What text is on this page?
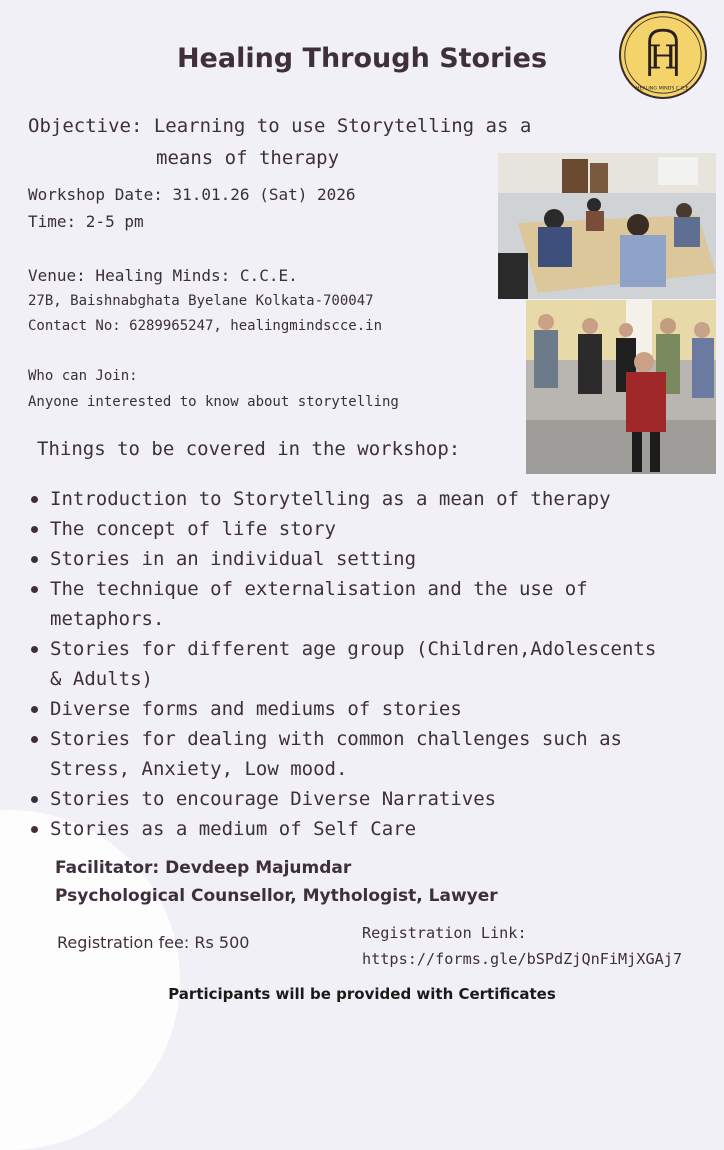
H
HEALING MINDS C.C.E.
Healing Through Stories
Objective: Learning to use Storytelling as a
means of therapy
Workshop Date: 31.01.26 (Sat) 2026
Time: 2-5 pm
Venue: Healing Minds: C.C.E.
27B, Baishnabghata Byelane Kolkata-700047
Contact No: 6289965247, healingmindscce.in
Who can Join:
Anyone interested to know about storytelling
Things to be covered in the workshop:
Introduction to Storytelling as a mean of therapy
The concept of life story
Stories in an individual setting
The technique of externalisation and the use of metaphors.
Stories for different age group (Children,Adolescents & Adults)
Diverse forms and mediums of stories
Stories for dealing with common challenges such as Stress, Anxiety, Low mood.
Stories to encourage Diverse Narratives
Stories as a medium of Self Care
Facilitator: Devdeep Majumdar
Psychological Counsellor, Mythologist, Lawyer
Registration fee: Rs 500	Registration Link:
https://forms.gle/bSPdZjQnFiMjXGAj7
Participants will be provided with Certificates
